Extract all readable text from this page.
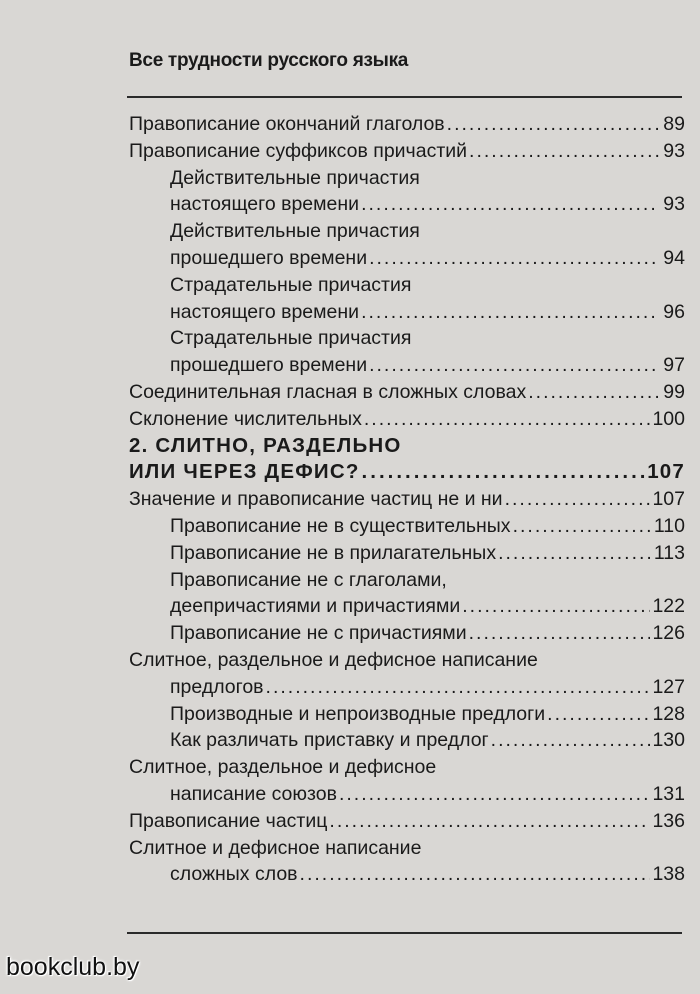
Все трудности русского языка
Правописание окончаний глаголов .....	89
Правописание суффиксов причастий .....	93
Действительные причастия
настоящего времени .....	93
Действительные причастия
прошедшего времени .....	94
Страдательные причастия
настоящего времени .....	96
Страдательные причастия
прошедшего времени .....	97
Соединительная гласная в сложных словах .....	99
Склонение числительных .....	100
2. СЛИТНО, РАЗДЕЛЬНО
ИЛИ ЧЕРЕЗ ДЕФИС? .....	107
Значение и правописание частиц не и ни .....	107
Правописание не в существительных .....	110
Правописание не в прилагательных .....	113
Правописание не с глаголами,
деепричастиями и причастиями .....	122
Правописание не с причастиями .....	126
Слитное, раздельное и дефисное написание
предлогов .....	127
Производные и непроизводные предлоги .....	128
Как различать приставку и предлог .....	130
Слитное, раздельное и дефисное
написание союзов .....	131
Правописание частиц .....	136
Слитное и дефисное написание
сложных слов .....	138
bookclub.by
